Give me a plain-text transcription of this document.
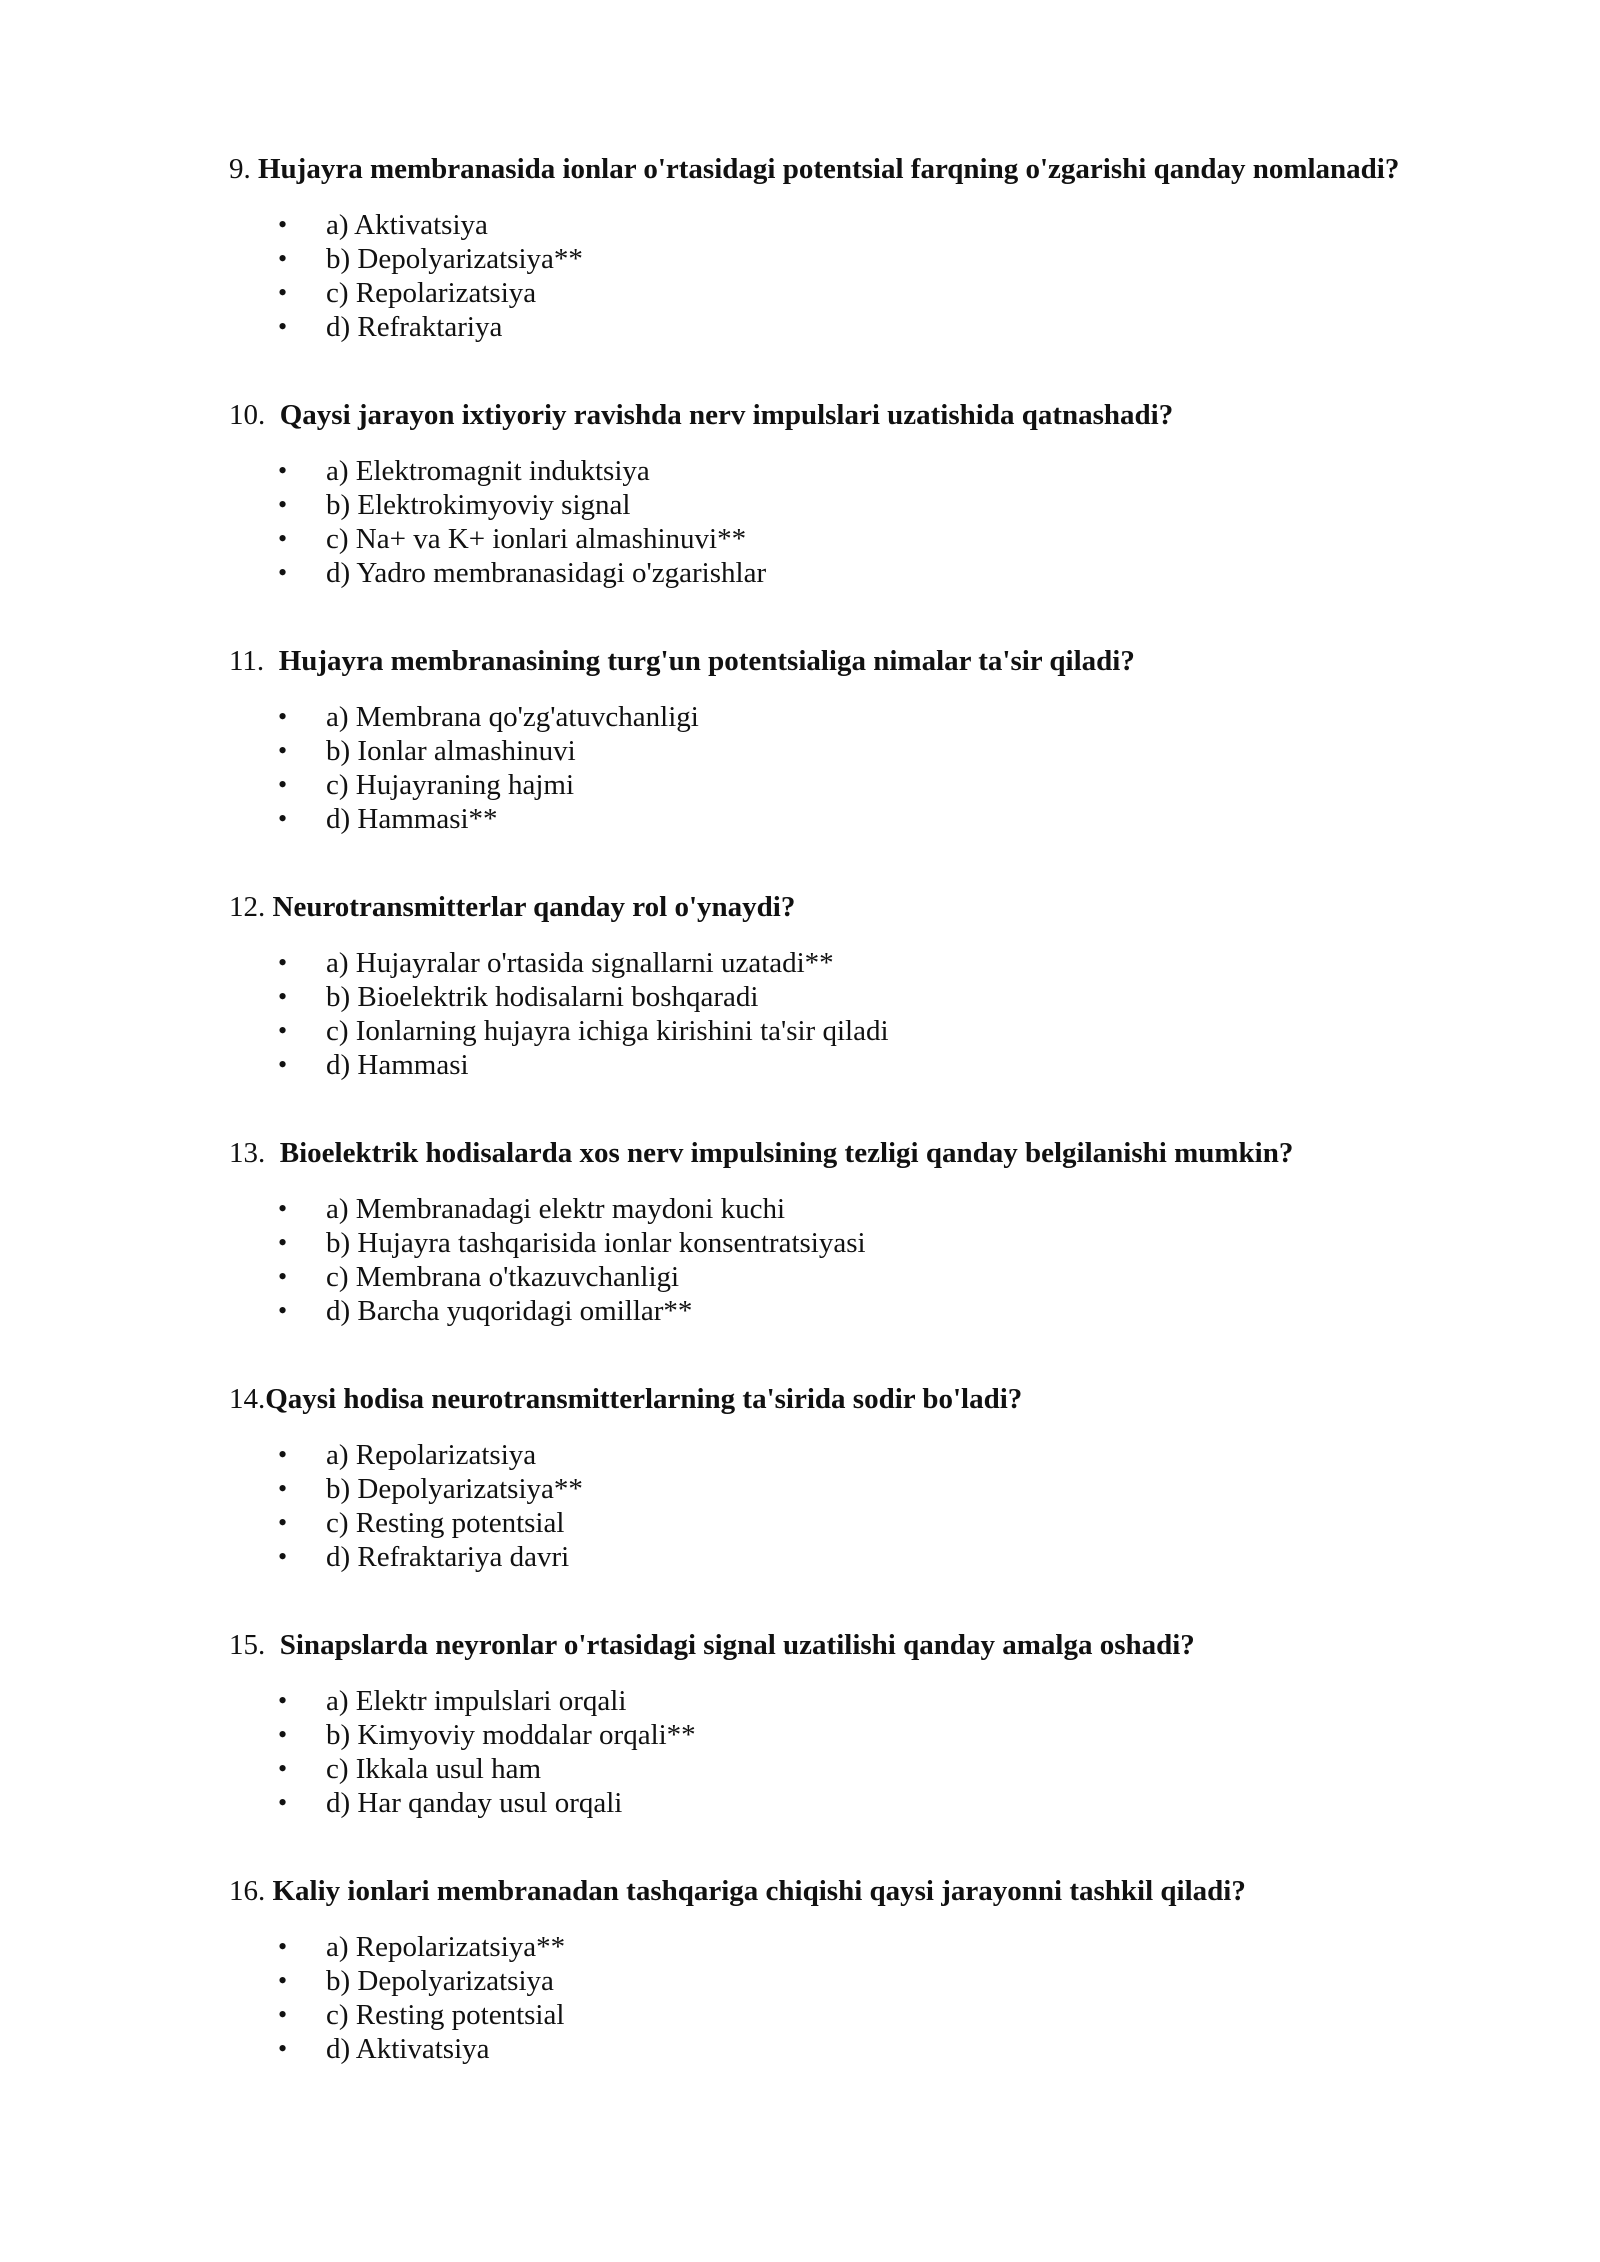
9. Hujayra membranasida ionlar o'rtasidagi potentsial farqning o'zgarishi qanday nomlanadi?

• a) Aktivatsiya
• b) Depolyarizatsiya**
• c) Repolarizatsiya
• d) Refraktariya

10. Qaysi jarayon ixtiyoriy ravishda nerv impulslari uzatishida qatnashadi?

• a) Elektromagnit induktsiya
• b) Elektrokimyoviy signal
• c) Na+ va K+ ionlari almashinuvi**
• d) Yadro membranasidagi o'zgarishlar

11. Hujayra membranasining turg'un potentsialiga nimalar ta'sir qiladi?

• a) Membrana qo'zg'atuvchanligi
• b) Ionlar almashinuvi
• c) Hujayraning hajmi
• d) Hammasi**

12. Neurotransmitterlar qanday rol o'ynaydi?

• a) Hujayralar o'rtasida signallarni uzatadi**
• b) Bioelektrik hodisalarni boshqaradi
• c) Ionlarning hujayra ichiga kirishini ta'sir qiladi
• d) Hammasi

13. Bioelektrik hodisalarda xos nerv impulsining tezligi qanday belgilanishi mumkin?

• a) Membranadagi elektr maydoni kuchi
• b) Hujayra tashqarisida ionlar konsentratsiyasi
• c) Membrana o'tkazuvchanligi
• d) Barcha yuqoridagi omillar**

14.Qaysi hodisa neurotransmitterlarning ta'sirida sodir bo'ladi?

• a) Repolarizatsiya
• b) Depolyarizatsiya**
• c) Resting potentsial
• d) Refraktariya davri

15. Sinapslarda neyronlar o'rtasidagi signal uzatilishi qanday amalga oshadi?

• a) Elektr impulslari orqali
• b) Kimyoviy moddalar orqali**
• c) Ikkala usul ham
• d) Har qanday usul orqali

16. Kaliy ionlari membranadan tashqariga chiqishi qaysi jarayonni tashkil qiladi?

• a) Repolarizatsiya**
• b) Depolyarizatsiya
• c) Resting potentsial
• d) Aktivatsiya
